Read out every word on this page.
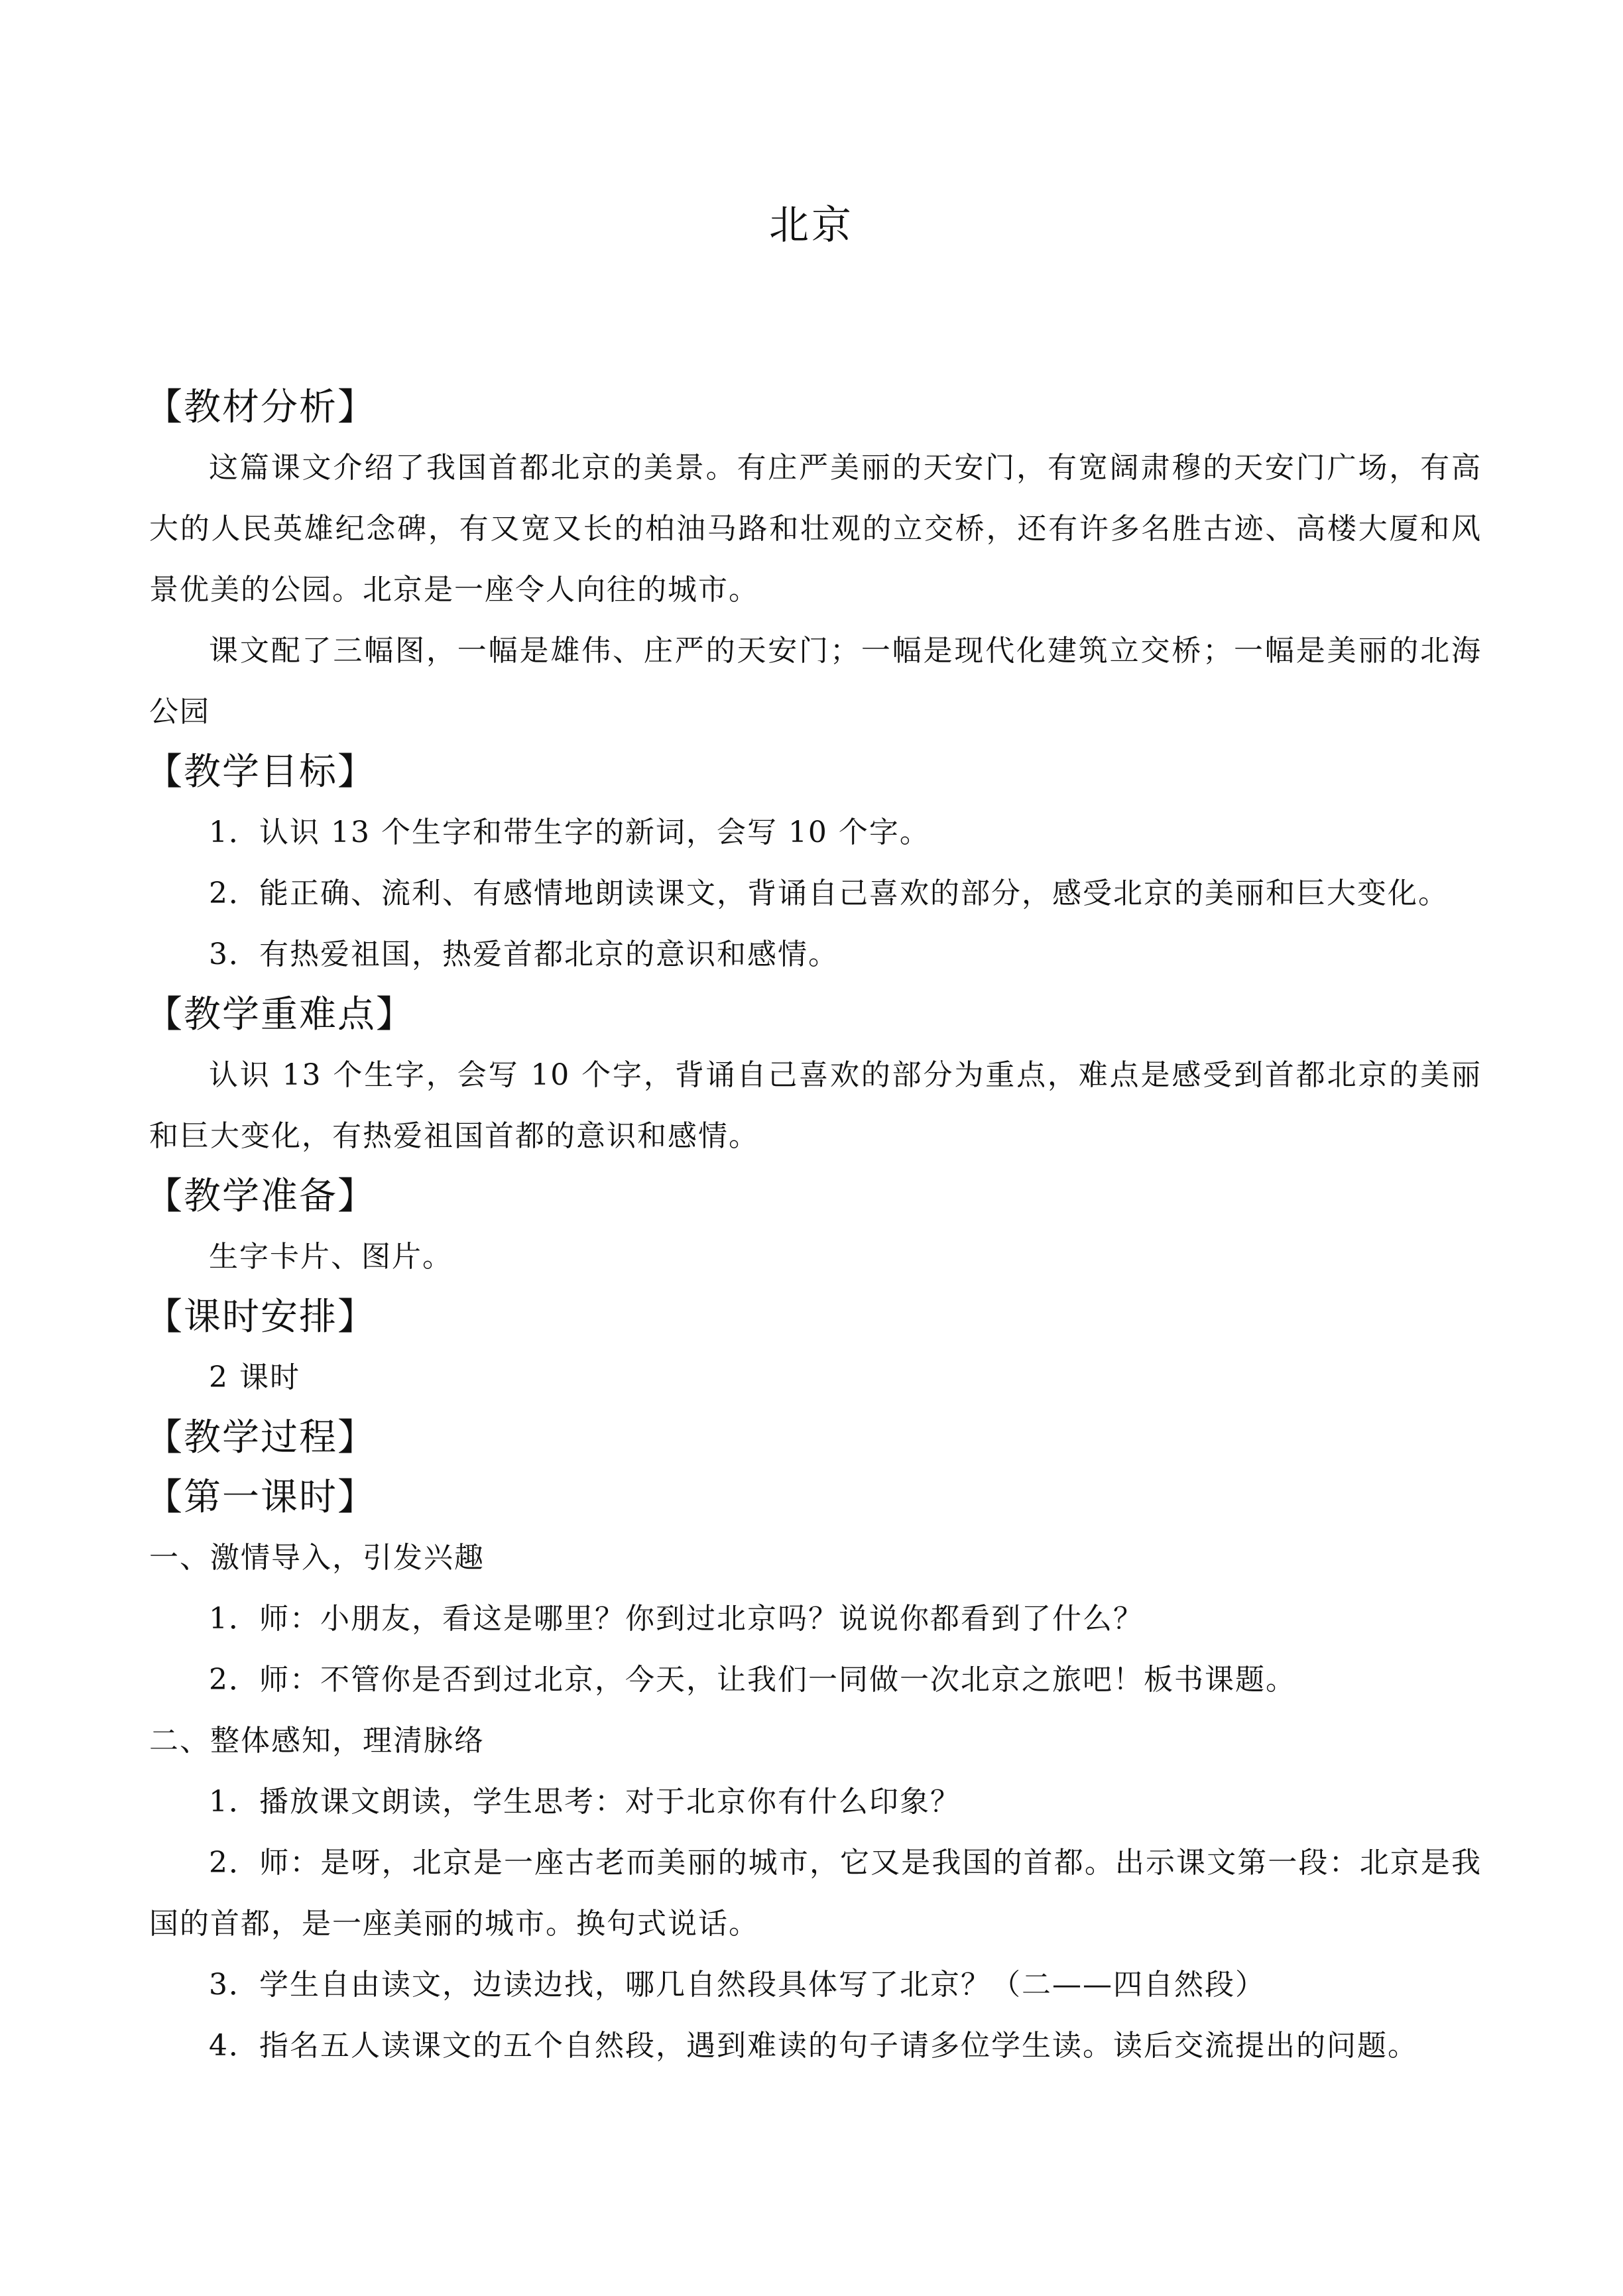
北京
【教材分析】
这篇课文介绍了我国首都北京的美景。有庄严美丽的天安门，有宽阔肃穆的天安门广场，有高大的人民英雄纪念碑，有又宽又长的柏油马路和壮观的立交桥，还有许多名胜古迹、高楼大厦和风景优美的公园。北京是一座令人向往的城市。
课文配了三幅图，一幅是雄伟、庄严的天安门；一幅是现代化建筑立交桥；一幅是美丽的北海公园
【教学目标】
1．认识 13 个生字和带生字的新词，会写 10 个字。
2．能正确、流利、有感情地朗读课文，背诵自己喜欢的部分，感受北京的美丽和巨大变化。
3．有热爱祖国，热爱首都北京的意识和感情。
【教学重难点】
认识 13 个生字，会写 10 个字，背诵自己喜欢的部分为重点，难点是感受到首都北京的美丽和巨大变化，有热爱祖国首都的意识和感情。
【教学准备】
生字卡片、图片。
【课时安排】
2 课时
【教学过程】
【第一课时】
一、激情导入，引发兴趣
1．师：小朋友，看这是哪里？你到过北京吗？说说你都看到了什么？
2．师：不管你是否到过北京，今天，让我们一同做一次北京之旅吧！板书课题。
二、整体感知，理清脉络
1．播放课文朗读，学生思考：对于北京你有什么印象？
2．师：是呀，北京是一座古老而美丽的城市，它又是我国的首都。出示课文第一段：北京是我国的首都，是一座美丽的城市。换句式说话。
3．学生自由读文，边读边找，哪几自然段具体写了北京？（二——四自然段）
4．指名五人读课文的五个自然段，遇到难读的句子请多位学生读。读后交流提出的问题。
